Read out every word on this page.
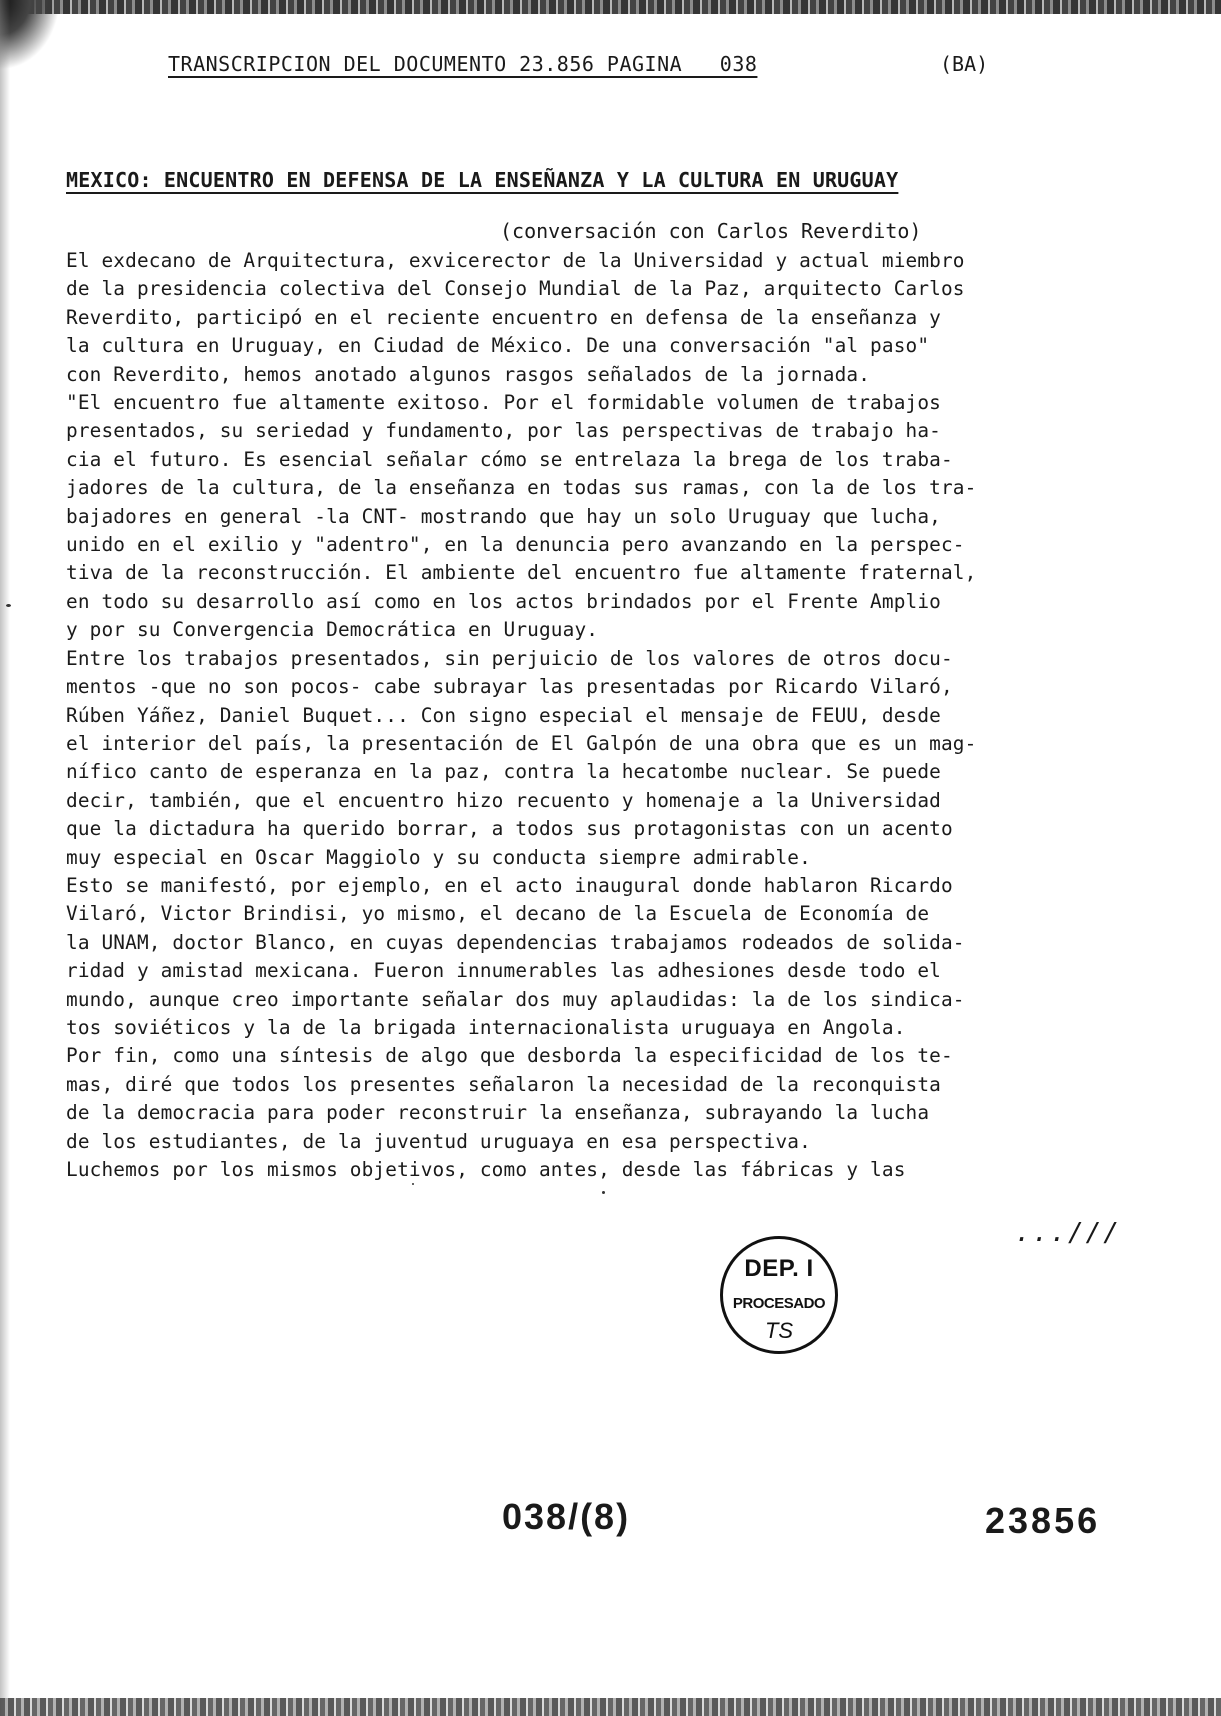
TRANSCRIPCION DEL DOCUMENTO 23.856 PAGINA   038	(BA)
MEXICO: ENCUENTRO EN DEFENSA DE LA ENSEÑANZA Y LA CULTURA EN URUGUAY
(conversación con Carlos Reverdito)
El exdecano de Arquitectura, exvicerector de la Universidad y actual miembro
de la presidencia colectiva del Consejo Mundial de la Paz, arquitecto Carlos
Reverdito, participó en el reciente encuentro en defensa de la enseñanza y
la cultura en Uruguay, en Ciudad de México. De una conversación "al paso"
con Reverdito, hemos anotado algunos rasgos señalados de la jornada.
"El encuentro fue altamente exitoso. Por el formidable volumen de trabajos
presentados, su seriedad y fundamento, por las perspectivas de trabajo ha-
cia el futuro. Es esencial señalar cómo se entrelaza la brega de los traba-
jadores de la cultura, de la enseñanza en todas sus ramas, con la de los tra-
bajadores en general -la CNT- mostrando que hay un solo Uruguay que lucha,
unido en el exilio y "adentro", en la denuncia pero avanzando en la perspec-
tiva de la reconstrucción. El ambiente del encuentro fue altamente fraternal,
en todo su desarrollo así como en los actos brindados por el Frente Amplio
y por su Convergencia Democrática en Uruguay.
Entre los trabajos presentados, sin perjuicio de los valores de otros docu-
mentos -que no son pocos- cabe subrayar las presentadas por Ricardo Vilaró,
Rúben Yáñez, Daniel Buquet... Con signo especial el mensaje de FEUU, desde
el interior del país, la presentación de El Galpón de una obra que es un mag-
nífico canto de esperanza en la paz, contra la hecatombe nuclear. Se puede
decir, también, que el encuentro hizo recuento y homenaje a la Universidad
que la dictadura ha querido borrar, a todos sus protagonistas con un acento
muy especial en Oscar Maggiolo y su conducta siempre admirable.
Esto se manifestó, por ejemplo, en el acto inaugural donde hablaron Ricardo
Vilaró, Victor Brindisi, yo mismo, el decano de la Escuela de Economía de
la UNAM, doctor Blanco, en cuyas dependencias trabajamos rodeados de solida-
ridad y amistad mexicana. Fueron innumerables las adhesiones desde todo el
mundo, aunque creo importante señalar dos muy aplaudidas: la de los sindica-
tos soviéticos y la de la brigada internacionalista uruguaya en Angola.
Por fin, como una síntesis de algo que desborda la especificidad de los te-
mas, diré que todos los presentes señalaron la necesidad de la reconquista
de la democracia para poder reconstruir la enseñanza, subrayando la lucha
de los estudiantes, de la juventud uruguaya en esa perspectiva.
Luchemos por los mismos objetivos, como antes, desde las fábricas y las
...///
DEP. I
PROCESADO
TS
038/(8)	23856
